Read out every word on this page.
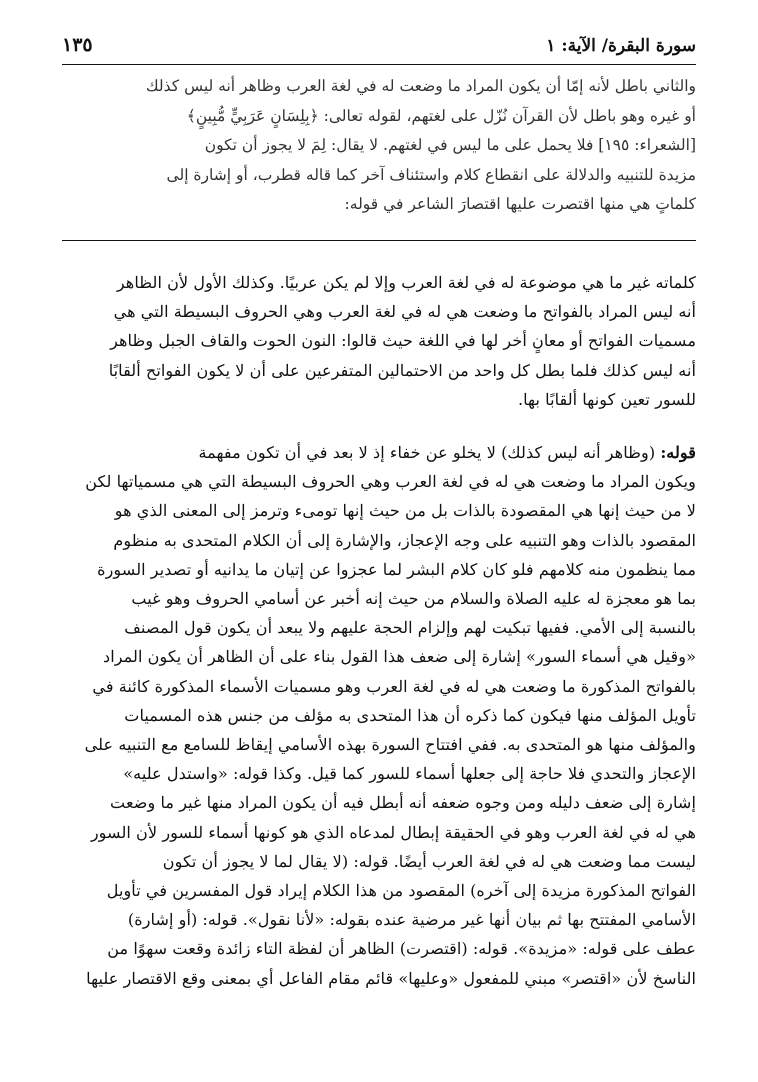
سورة البقرة/ الآية: ١
١٣٥
والثاني باطل لأنه إمّا أن يكون المراد ما وضعت له في لغة العرب وظاهر أنه ليس كذلك
أو غيره وهو باطل لأن القرآن نُزّل على لغتهم، لقوله تعالى: ﴿بِلِسَانٍ عَرَبِيٍّ مُّبِينٍ﴾
[الشعراء: ١٩٥] فلا يحمل على ما ليس في لغتهم. لا يقال: لِمَ لا يجوز أن تكون
مزيدة للتنبيه والدلالة على انقطاع كلام واستئناف آخر كما قاله قطرب، أو إشارة إلى
كلماتٍ هي منها اقتصرت عليها اقتصارَ الشاعر في قوله:
كلماته غير ما هي موضوعة له في لغة العرب وإلا لم يكن عربيًا. وكذلك الأول لأن الظاهر
أنه ليس المراد بالفواتح ما وضعت هي له في لغة العرب وهي الحروف البسيطة التي هي
مسميات الفواتح أو معانٍ أخر لها في اللغة حيث قالوا: النون الحوت والقاف الجبل وظاهر
أنه ليس كذلك فلما بطل كل واحد من الاحتمالين المتفرعين على أن لا يكون الفواتح ألقابًا
للسور تعين كونها ألقابًا بها.
قوله: (وظاهر أنه ليس كذلك) لا يخلو عن خفاء إذ لا بعد في أن تكون مفهمة
ويكون المراد ما وضعت هي له في لغة العرب وهي الحروف البسيطة التي هي مسمياتها لكن
لا من حيث إنها هي المقصودة بالذات بل من حيث إنها تومىء وترمز إلى المعنى الذي هو
المقصود بالذات وهو التنبيه على وجه الإعجاز، والإشارة إلى أن الكلام المتحدى به منظوم
مما ينظمون منه كلامهم فلو كان كلام البشر لما عجزوا عن إتيان ما يدانيه أو تصدير السورة
بما هو معجزة له عليه الصلاة والسلام من حيث إنه أخبر عن أسامي الحروف وهو غيب
بالنسبة إلى الأمي. ففيها تبكيت لهم وإلزام الحجة عليهم ولا يبعد أن يكون قول المصنف
«وقيل هي أسماء السور» إشارة إلى ضعف هذا القول بناء على أن الظاهر أن يكون المراد
بالفواتح المذكورة ما وضعت هي له في لغة العرب وهو مسميات الأسماء المذكورة كائنة في
تأويل المؤلف منها فيكون كما ذكره أن هذا المتحدى به مؤلف من جنس هذه المسميات
والمؤلف منها هو المتحدى به. ففي افتتاح السورة بهذه الأسامي إيقاظ للسامع مع التنبيه على
الإعجاز والتحدي فلا حاجة إلى جعلها أسماء للسور كما قيل. وكذا قوله: «واستدل عليه»
إشارة إلى ضعف دليله ومن وجوه ضعفه أنه أبطل فيه أن يكون المراد منها غير ما وضعت
هي له في لغة العرب وهو في الحقيقة إبطال لمدعاه الذي هو كونها أسماء للسور لأن السور
ليست مما وضعت هي له في لغة العرب أيضًا. قوله: (لا يقال لما لا يجوز أن تكون
الفواتح المذكورة مزيدة إلى آخره) المقصود من هذا الكلام إيراد قول المفسرين في تأويل
الأسامي المفتتح بها ثم بيان أنها غير مرضية عنده بقوله: «لأنا نقول». قوله: (أو إشارة)
عطف على قوله: «مزيدة». قوله: (اقتصرت) الظاهر أن لفظة التاء زائدة وقعت سهوًا من
الناسخ لأن «اقتصر» مبني للمفعول «وعليها» قائم مقام الفاعل أي بمعنى وقع الاقتصار عليها
